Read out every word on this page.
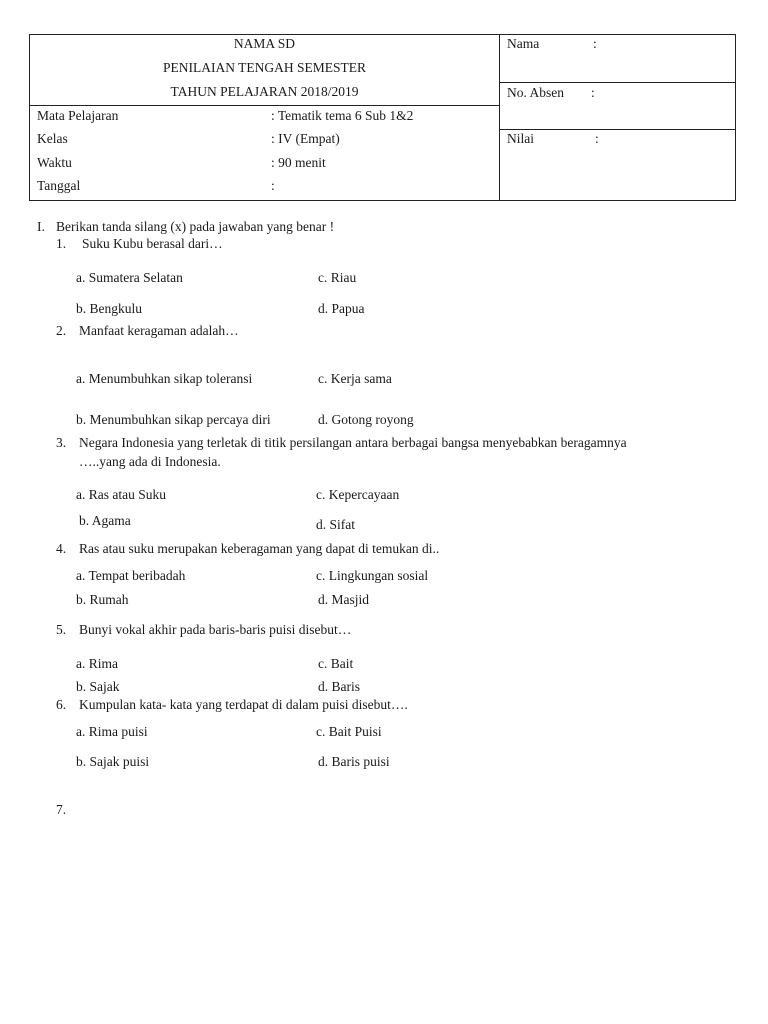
NAMA SD
PENILAIAN TENGAH SEMESTER
TAHUN PELAJARAN 2018/2019
Mata Pelajaran	: Tematik tema 6 Sub 1&2
Kelas	: IV (Empat)
Waktu	: 90 menit
Tanggal	:
Nama	:
No. Absen :
Nilai	:
I. Berikan tanda silang (x) pada jawaban yang benar !
1. Suku Kubu berasal dari…
a. Sumatera Selatan	c. Riau
b. Bengkulu	d. Papua
2. Manfaat keragaman adalah…
a. Menumbuhkan sikap toleransi	c. Kerja sama
b. Menumbuhkan sikap percaya diri	d. Gotong royong
3. Negara Indonesia yang terletak di titik persilangan antara berbagai bangsa menyebabkan beragamnya
…..yang ada di Indonesia.
a. Ras atau Suku	c. Kepercayaan
b. Agama	d. Sifat
4. Ras atau suku merupakan keberagaman yang dapat di temukan di..
a. Tempat beribadah	c. Lingkungan sosial
b. Rumah	d. Masjid
5. Bunyi vokal akhir pada baris-baris puisi disebut…
a. Rima	c. Bait
b. Sajak	d. Baris
6. Kumpulan kata- kata yang terdapat di dalam puisi disebut….
a. Rima puisi	c. Bait Puisi
b. Sajak puisi	d. Baris puisi
7.
